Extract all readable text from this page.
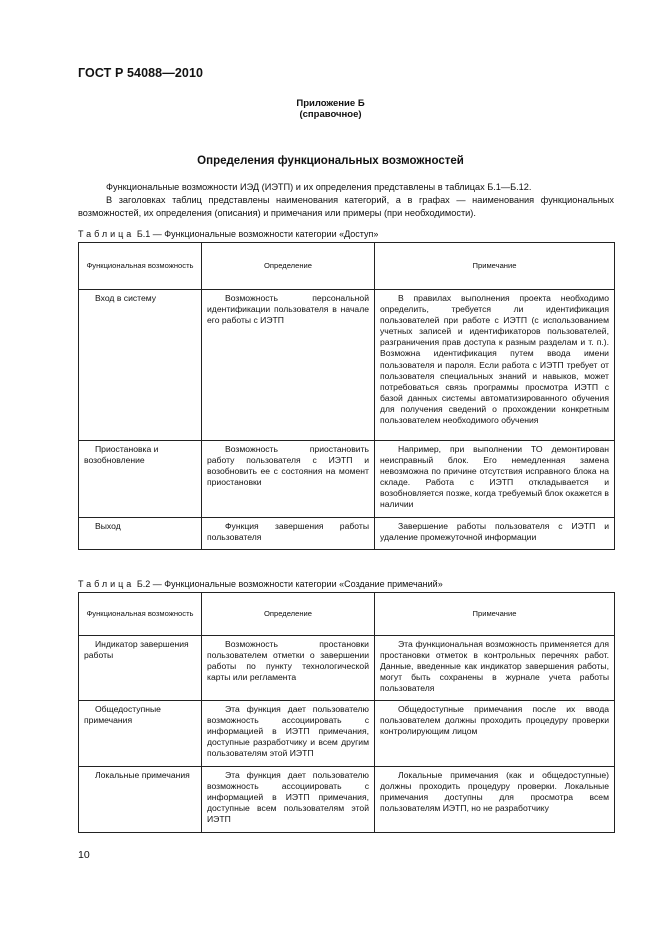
ГОСТ Р 54088—2010
Приложение Б
(справочное)
Определения функциональных возможностей
Функциональные возможности ИЭД (ИЭТП) и их определения представлены в таблицах Б.1—Б.12.
В заголовках таблиц представлены наименования категорий, а в графах — наименования функциональных возможностей, их определения (описания) и примечания или примеры (при необходимости).
Таблица Б.1 — Функциональные возможности категории «Доступ»
Функциональная возможность	Определение	Примечание
Вход в систему	Возможность персональной идентификации пользователя в начале его работы с ИЭТП	В правилах выполнения проекта необходимо определить, требуется ли идентификация пользователей при работе с ИЭТП (с использованием учетных записей и идентификаторов пользователей, разграничения прав доступа к разным разделам и т. п.). Возможна идентификация путем ввода имени пользователя и пароля. Если работа с ИЭТП требует от пользователя специальных знаний и навыков, может потребоваться связь программы просмотра ИЭТП с базой данных системы автоматизированного обучения для получения сведений о прохождении конкретным пользователем необходимого обучения
Приостановка и возобновление	Возможность приостановить работу пользователя с ИЭТП и возобновить ее с состояния на момент приостановки	Например, при выполнении ТО демонтирован неисправный блок. Его немедленная замена невозможна по причине отсутствия исправного блока на складе. Работа с ИЭТП откладывается и возобновляется позже, когда требуемый блок окажется в наличии
Выход	Функция завершения работы пользователя	Завершение работы пользователя с ИЭТП и удаление промежуточной информации
Таблица Б.2 — Функциональные возможности категории «Создание примечаний»
Функциональная возможность	Определение	Примечание
Индикатор завершения работы	Возможность простановки пользователем отметки о завершении работы по пункту технологической карты или регламента	Эта функциональная возможность применяется для простановки отметок в контрольных перечнях работ. Данные, введенные как индикатор завершения работы, могут быть сохранены в журнале учета работы пользователя
Общедоступные примечания	Эта функция дает пользователю возможность ассоциировать с информацией в ИЭТП примечания, доступные разработчику и всем другим пользователям этой ИЭТП	Общедоступные примечания после их ввода пользователем должны проходить процедуру проверки контролирующим лицом
Локальные примечания	Эта функция дает пользователю возможность ассоциировать с информацией в ИЭТП примечания, доступные всем пользователям этой ИЭТП	Локальные примечания (как и общедоступные) должны проходить процедуру проверки. Локальные примечания доступны для просмотра всем пользователям ИЭТП, но не разработчику
10
